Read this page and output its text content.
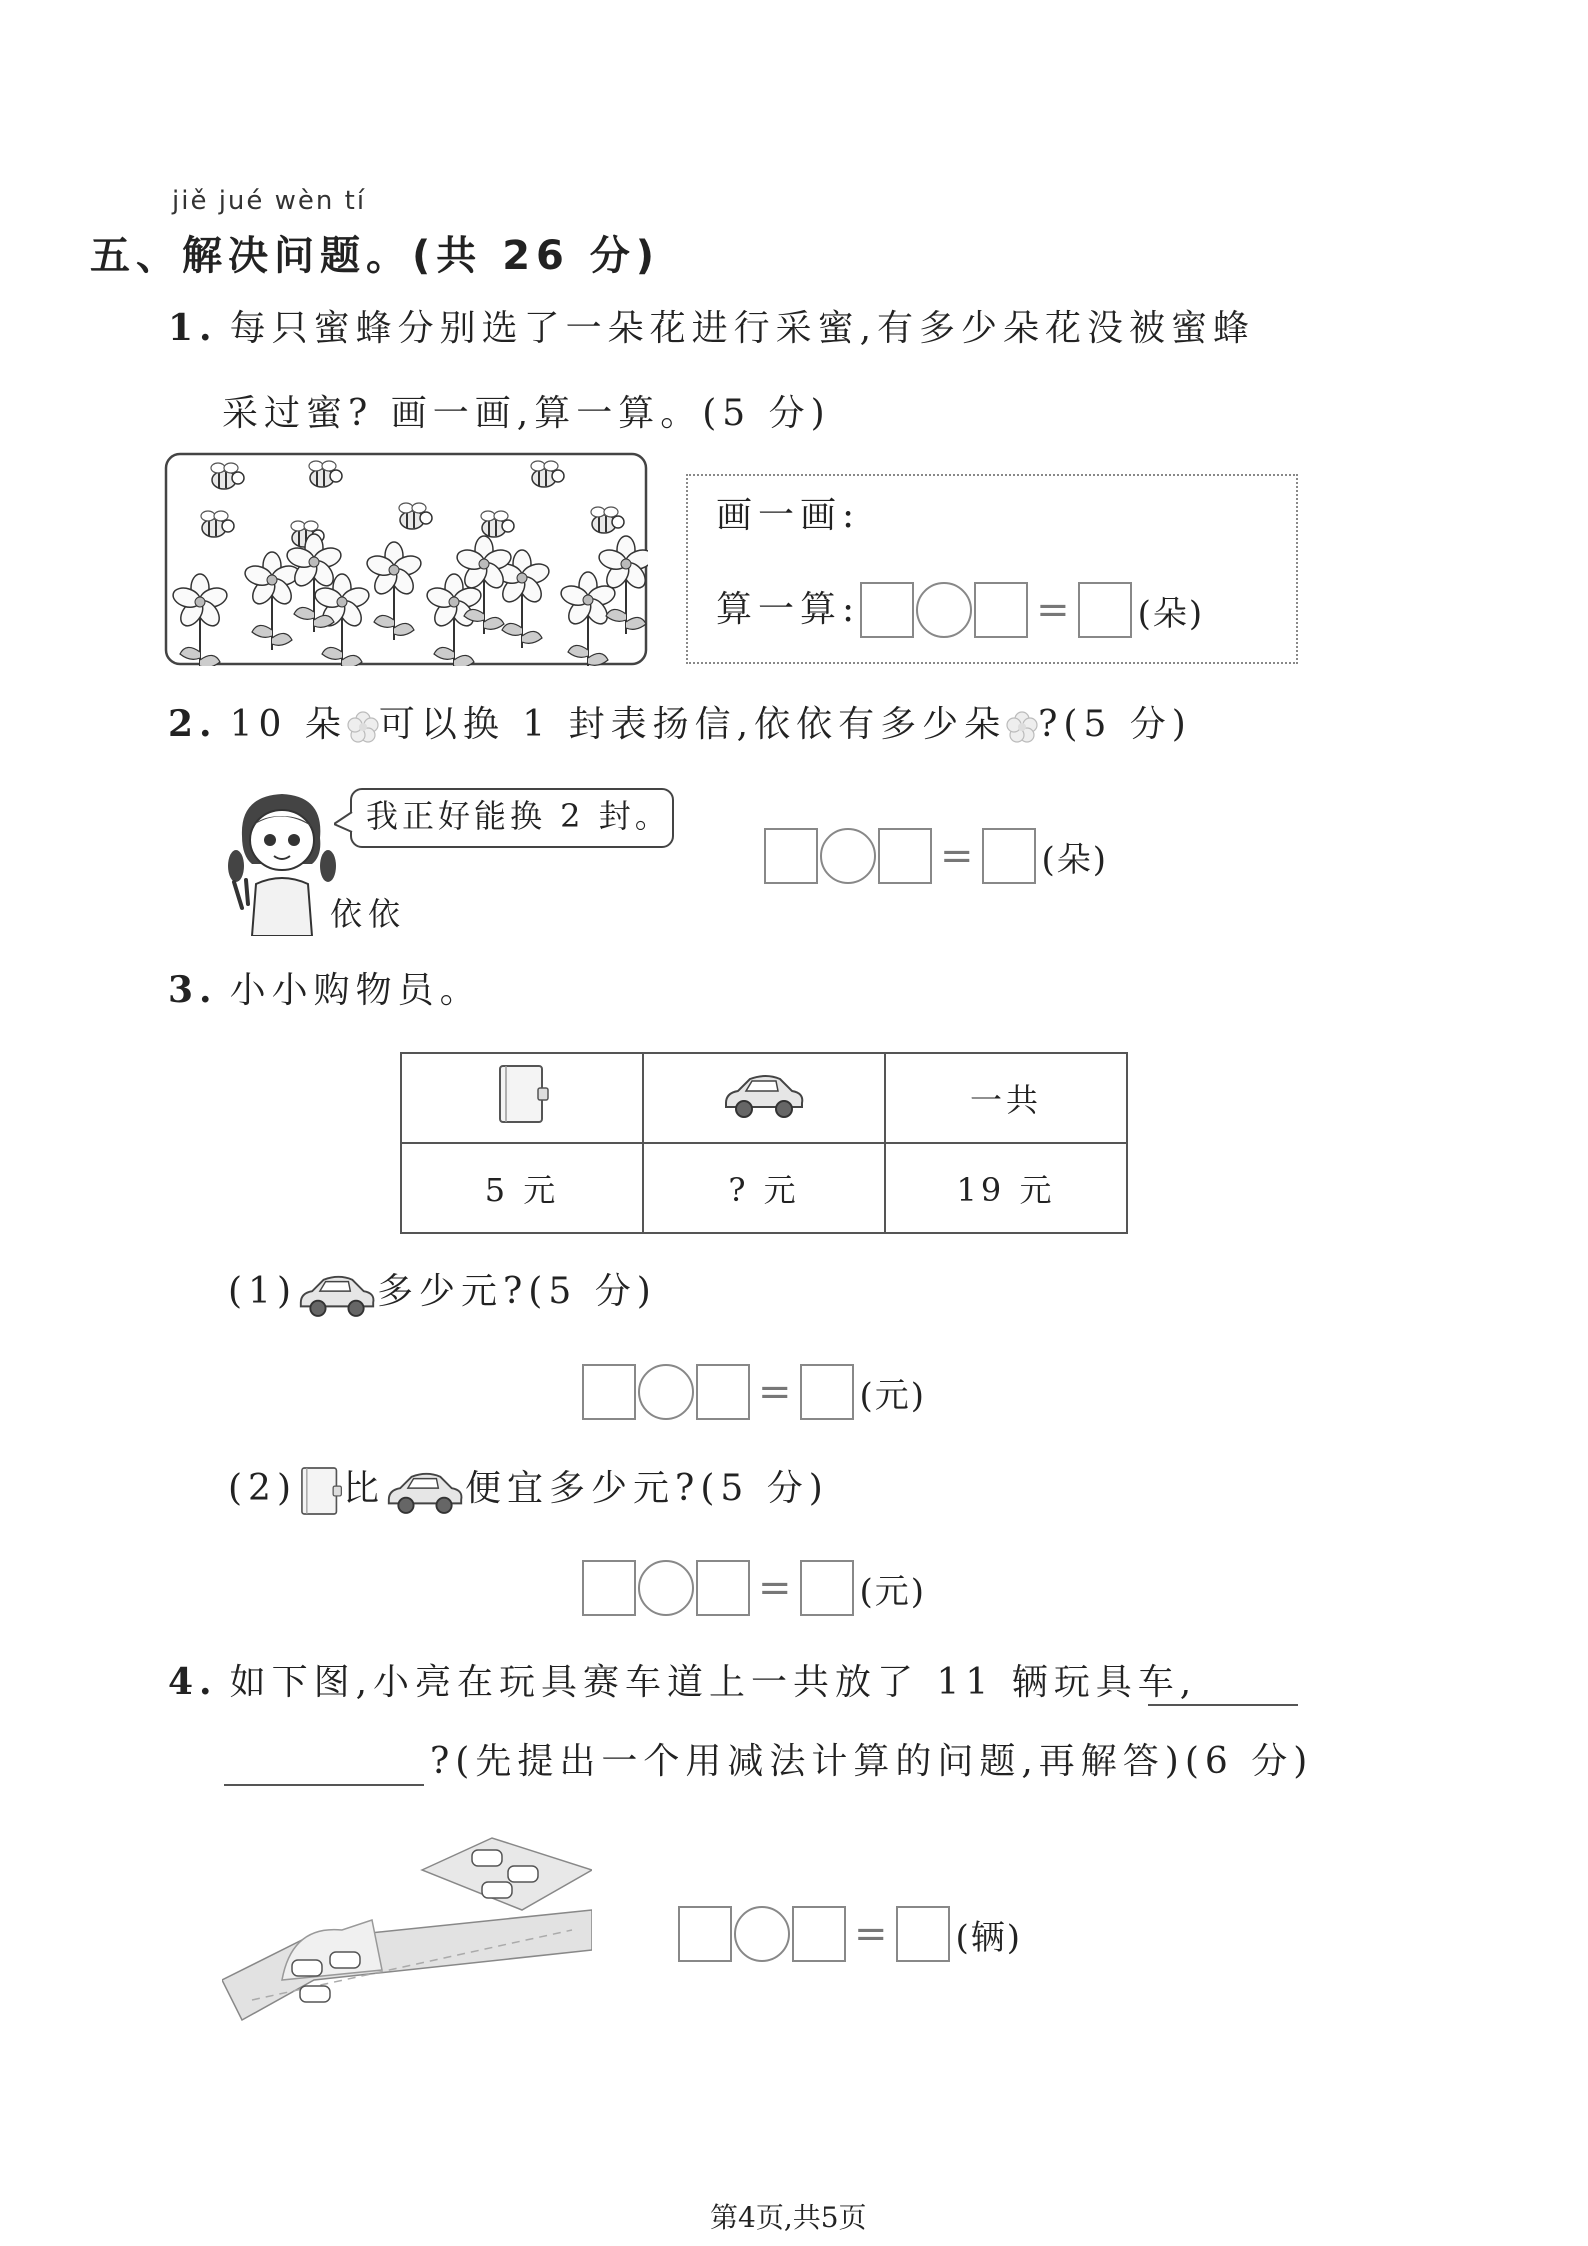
jiě jué wèn tí
五、解决问题。(共 26 分)
1. 每只蜜蜂分别选了一朵花进行采蜜,有多少朵花没被蜜蜂
采过蜜? 画一画,算一算。(5 分)
画一画:
算一算:	= (朵)
2. 10 朵 可以换 1 封表扬信,依依有多少朵 ?(5 分)
我正好能换 2 封。
依依
= (朵)
3. 小小购物员。
		一共
5 元	? 元	19 元
(1) 多少元?(5 分)
= (元)
(2) 比 便宜多少元?(5 分)
= (元)
4. 如下图,小亮在玩具赛车道上一共放了 11 辆玩具车,
?(先提出一个用减法计算的问题,再解答)(6 分)
= (辆)
第4页,共5页
